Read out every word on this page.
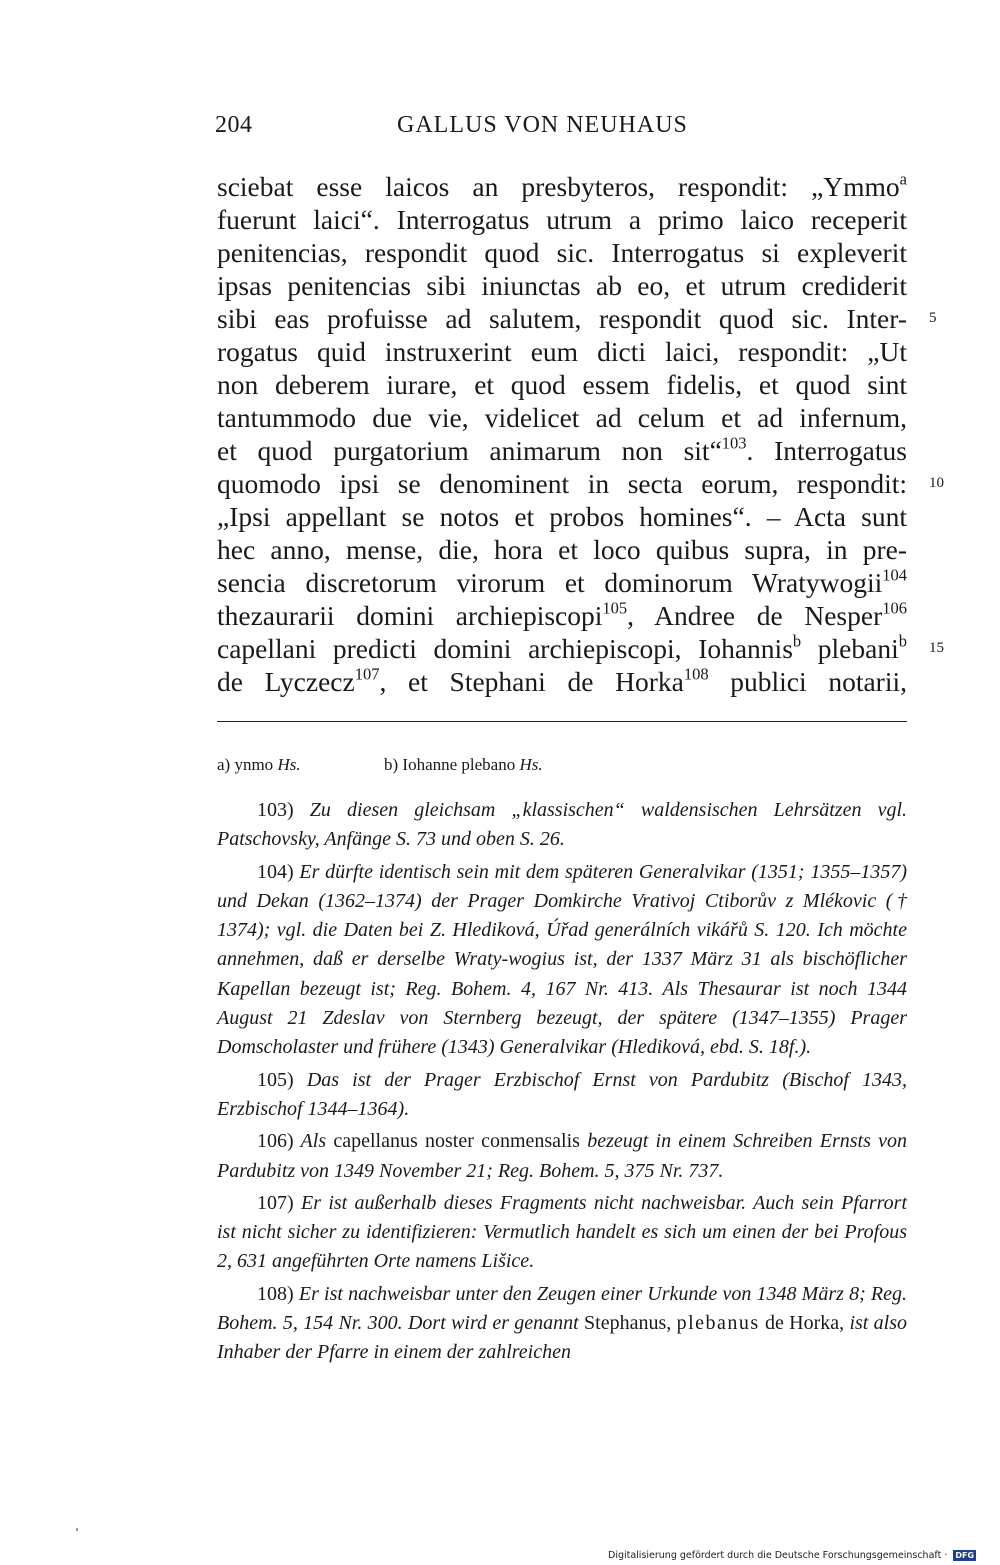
204	GALLUS VON NEUHAUS
sciebat esse laicos an presbyteros, respondit: „Ymmo$^a$
fuerunt laici“. Interrogatus utrum a primo laico receperit
penitencias, respondit quod sic. Interrogatus si expleverit
ipsas penitencias sibi iniunctas ab eo, et utrum crediderit
sibi eas profuisse ad salutem, respondit quod sic. Inter-
rogatus quid instruxerint eum dicti laici, respondit: „Ut
non deberem iurare, et quod essem fidelis, et quod sint
tantummodo due vie, videlicet ad celum et ad infernum,
et quod purgatorium animarum non sit“$^{103}$. Interrogatus
quomodo ipsi se denominent in secta eorum, respondit:
„Ipsi appellant se notos et probos homines“. – Acta sunt
hec anno, mense, die, hora et loco quibus supra, in pre-
sencia discretorum virorum et dominorum Wratywogii$^{104}$
thezaurarii domini archiepiscopi$^{105}$, Andree de Nesper$^{106}$
capellani predicti domini archiepiscopi, Iohannis$^b$ plebani$^b$
de Lyczecz$^{107}$, et Stephani de Horka$^{108}$ publici notarii,
a) ynmo Hs.	b) Iohanne plebano Hs.

103) Zu diesen gleichsam „klassischen“ waldensischen Lehrsätzen vgl. Patschovsky, Anfänge S. 73 und oben S. 26.

104) Er dürfte identisch sein mit dem späteren Generalvikar (1351; 1355–1357) und Dekan (1362–1374) der Prager Domkirche Vrativoj Ctiborův z Mlékovic († 1374); vgl. die Daten bei Z. Hlediková, Úřad generálních vikářů S. 120. Ich möchte annehmen, daß er derselbe Wraty-wogius ist, der 1337 März 31 als bischöflicher Kapellan bezeugt ist; Reg. Bohem. 4, 167 Nr. 413. Als Thesaurar ist noch 1344 August 21 Zdeslav von Sternberg bezeugt, der spätere (1347–1355) Prager Domscholaster und frühere (1343) Generalvikar (Hlediková, ebd. S. 18f.).

105) Das ist der Prager Erzbischof Ernst von Pardubitz (Bischof 1343, Erzbischof 1344–1364).

106) Als capellanus noster conmensalis bezeugt in einem Schreiben Ernsts von Pardubitz von 1349 November 21; Reg. Bohem. 5, 375 Nr. 737.

107) Er ist außerhalb dieses Fragments nicht nachweisbar. Auch sein Pfarrort ist nicht sicher zu identifizieren: Vermutlich handelt es sich um einen der bei Profous 2, 631 angeführten Orte namens Lišice.

108) Er ist nachweisbar unter den Zeugen einer Urkunde von 1348 März 8; Reg. Bohem. 5, 154 Nr. 300. Dort wird er genannt Stephanus, plebanus de Horka, ist also Inhaber der Pfarre in einem der zahlreichen

Digitalisierung gefördert durch die Deutsche Forschungsgemeinschaft · DFG
5
10
15
